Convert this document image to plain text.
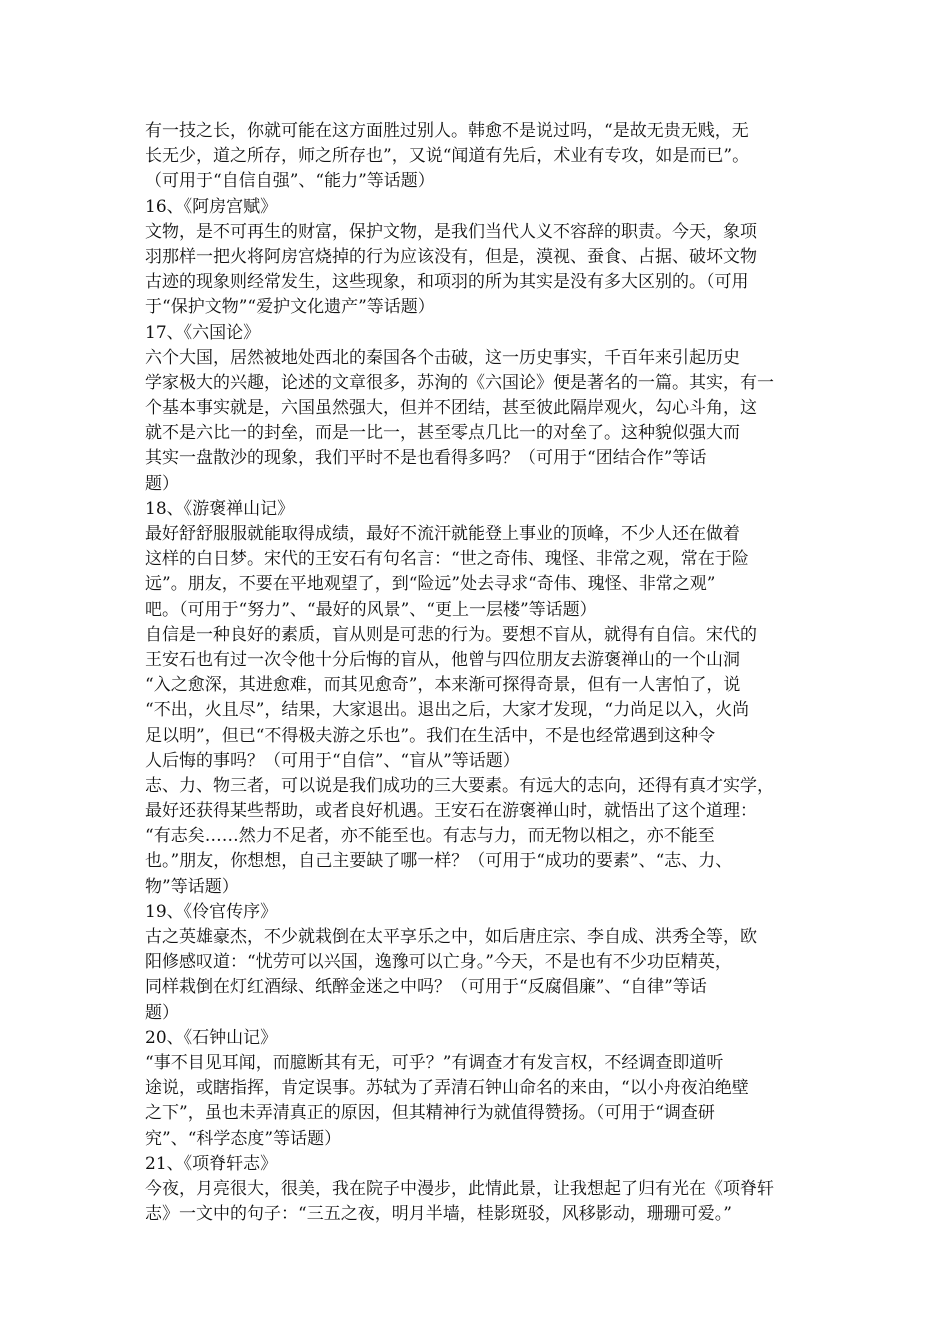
有一技之长，你就可能在这方面胜过别人。韩愈不是说过吗，“是故无贵无贱，无
长无少，道之所存，师之所存也”，又说“闻道有先后，术业有专攻，如是而已”。
（可用于“自信自强”、“能力”等话题）
16、《阿房宫赋》
文物，是不可再生的财富，保护文物，是我们当代人义不容辞的职责。今天，象项
羽那样一把火将阿房宫烧掉的行为应该没有，但是，漠视、蚕食、占据、破坏文物
古迹的现象则经常发生，这些现象，和项羽的所为其实是没有多大区别的。（可用
于“保护文物”“爱护文化遗产”等话题）
17、《六国论》
六个大国，居然被地处西北的秦国各个击破，这一历史事实，千百年来引起历史
学家极大的兴趣，论述的文章很多，苏洵的《六国论》便是著名的一篇。其实，有一
个基本事实就是，六国虽然强大，但并不团结，甚至彼此隔岸观火，勾心斗角，这
就不是六比一的封垒，而是一比一，甚至零点几比一的对垒了。这种貌似强大而
其实一盘散沙的现象，我们平时不是也看得多吗？（可用于“团结合作”等话
题）
18、《游褒禅山记》
最好舒舒服服就能取得成绩，最好不流汗就能登上事业的顶峰，不少人还在做着
这样的白日梦。宋代的王安石有句名言：“世之奇伟、瑰怪、非常之观，常在于险
远”。朋友，不要在平地观望了，到“险远”处去寻求“奇伟、瑰怪、非常之观”
吧。（可用于“努力”、“最好的风景”、“更上一层楼”等话题）
自信是一种良好的素质，盲从则是可悲的行为。要想不盲从，就得有自信。宋代的
王安石也有过一次令他十分后悔的盲从，他曾与四位朋友去游褒禅山的一个山洞
“入之愈深，其进愈难，而其见愈奇”，本来渐可探得奇景，但有一人害怕了，说
“不出，火且尽”，结果，大家退出。退出之后，大家才发现，“力尚足以入，火尚
足以明”，但已“不得极夫游之乐也”。我们在生活中，不是也经常遇到这种令
人后悔的事吗？（可用于“自信”、“盲从”等话题）
志、力、物三者，可以说是我们成功的三大要素。有远大的志向，还得有真才实学，
最好还获得某些帮助，或者良好机遇。王安石在游褒禅山时，就悟出了这个道理：
“有志矣……然力不足者，亦不能至也。有志与力，而无物以相之，亦不能至
也。”朋友，你想想，自己主要缺了哪一样？（可用于“成功的要素”、“志、力、
物”等话题）
19、《伶官传序》
古之英雄豪杰，不少就栽倒在太平享乐之中，如后唐庄宗、李自成、洪秀全等，欧
阳修感叹道：“忧劳可以兴国，逸豫可以亡身。”今天，不是也有不少功臣精英，
同样栽倒在灯红酒绿、纸醉金迷之中吗？（可用于“反腐倡廉”、“自律”等话
题）
20、《石钟山记》
“事不目见耳闻，而臆断其有无，可乎？”有调查才有发言权，不经调查即道听
途说，或瞎指挥，肯定误事。苏轼为了弄清石钟山命名的来由，“以小舟夜泊绝壁
之下”，虽也未弄清真正的原因，但其精神行为就值得赞扬。（可用于“调查研
究”、“科学态度”等话题）
21、《项脊轩志》
今夜，月亮很大，很美，我在院子中漫步，此情此景，让我想起了归有光在《项脊轩
志》一文中的句子：“三五之夜，明月半墙，桂影斑驳，风移影动，珊珊可爱。”
